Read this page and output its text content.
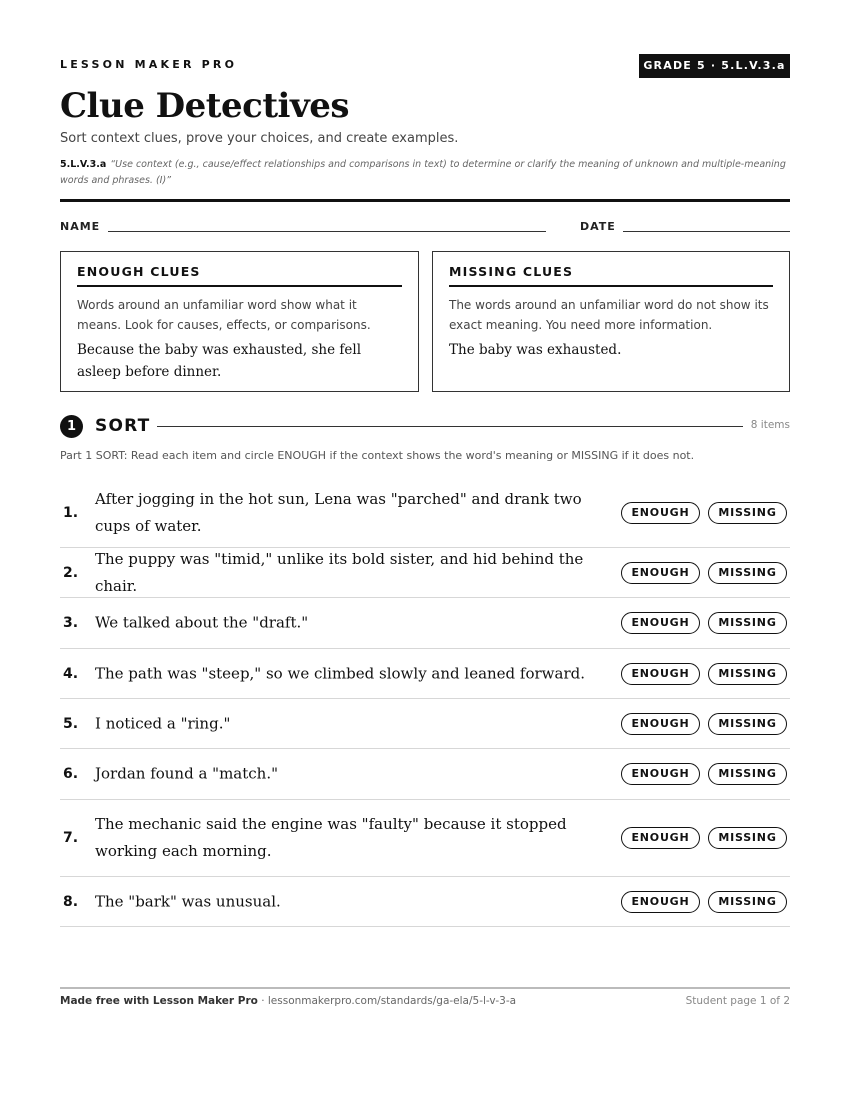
LESSON MAKER PRO	GRADE 5 · 5.L.V.3.a
Clue Detectives
Sort context clues, prove your choices, and create examples.
5.L.V.3.a “Use context (e.g., cause/effect relationships and comparisons in text) to determine or clarify the meaning of unknown and multiple-meaning words and phrases. (I)”
NAME	DATE
ENOUGH CLUES
Words around an unfamiliar word show what it means. Look for causes, effects, or comparisons.
Because the baby was exhausted, she fell asleep before dinner.
MISSING CLUES
The words around an unfamiliar word do not show its exact meaning. You need more information.
The baby was exhausted.
1	SORT	8 items
Part 1 SORT: Read each item and circle ENOUGH if the context shows the word's meaning or MISSING if it does not.
1.
After jogging in the hot sun, Lena was "parched" and drank two cups of water.
ENOUGH	MISSING
2.
The puppy was "timid," unlike its bold sister, and hid behind the chair.
ENOUGH	MISSING
3. We talked about the "draft."	ENOUGH	MISSING
4. The path was "steep," so we climbed slowly and leaned forward.	ENOUGH	MISSING
5. I noticed a "ring."	ENOUGH	MISSING
6. Jordan found a "match."	ENOUGH	MISSING
7.
The mechanic said the engine was "faulty" because it stopped working each morning.
ENOUGH	MISSING
8. The "bark" was unusual.	ENOUGH	MISSING
Made free with Lesson Maker Pro · lessonmakerpro.com/standards/ga-ela/5-l-v-3-a	Student page 1 of 2
